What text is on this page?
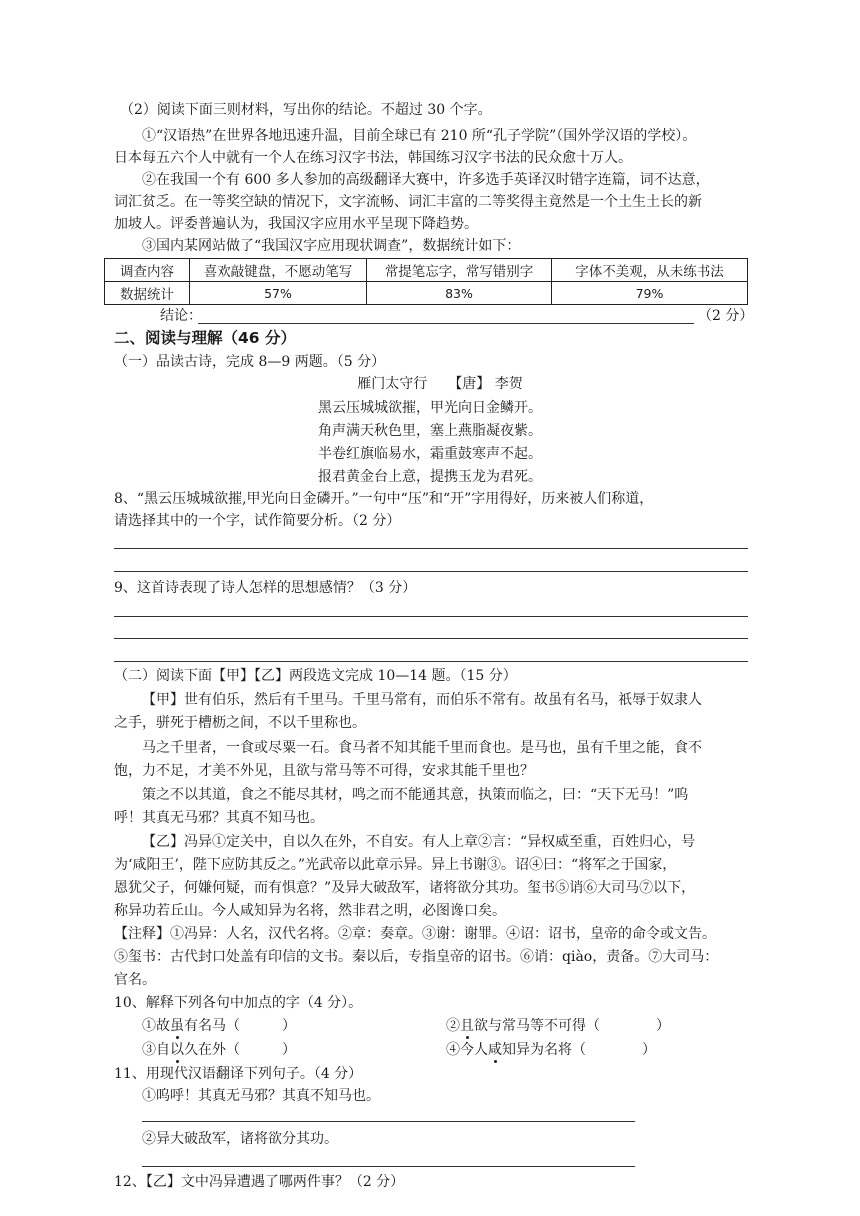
（2）阅读下面三则材料，写出你的结论。不超过 30 个字。
①“汉语热”在世界各地迅速升温，目前全球已有 210 所“孔子学院”（国外学汉语的学校）。
日本每五六个人中就有一个人在练习汉字书法，韩国练习汉字书法的民众愈十万人。
②在我国一个有 600 多人参加的高级翻译大赛中，许多选手英译汉时错字连篇，词不达意，
词汇贫乏。在一等奖空缺的情况下，文字流畅、词汇丰富的二等奖得主竟然是一个土生土长的新
加坡人。评委普遍认为，我国汉字应用水平呈现下降趋势。
③国内某网站做了“我国汉字应用现状调查”，数据统计如下：
调查内容	喜欢敲键盘，不愿动笔写	常提笔忘字，常写错别字	字体不美观，从未练书法
数据统计	57%	83%	79%
结论：	（2 分）
二、阅读与理解（46 分）
（一）品读古诗，完成 8—9 两题。（5 分）
雁门太守行　　【唐】 李贺
黑云压城城欲摧，甲光向日金鳞开。
角声满天秋色里，塞上燕脂凝夜紫。
半卷红旗临易水，霜重鼓寒声不起。
报君黄金台上意，提携玉龙为君死。
8、“黑云压城城欲摧,甲光向日金磷开。”一句中“压”和“开”字用得好，历来被人们称道，
请选择其中的一个字，试作简要分析。（2 分）
9、这首诗表现了诗人怎样的思想感情？（3 分）
（二）阅读下面【甲】【乙】两段选文完成 10—14 题。（15 分）
【甲】世有伯乐，然后有千里马。千里马常有，而伯乐不常有。故虽有名马，祇辱于奴隶人
之手，骈死于槽枥之间，不以千里称也。
马之千里者，一食或尽粟一石。食马者不知其能千里而食也。是马也，虽有千里之能，食不
饱，力不足，才美不外见，且欲与常马等不可得，安求其能千里也？
策之不以其道，食之不能尽其材，鸣之而不能通其意，执策而临之，曰：“天下无马！”呜
呼！其真无马邪？其真不知马也。
【乙】冯异①定关中，自以久在外，不自安。有人上章②言：“异权威至重，百姓归心，号
为‘咸阳王’，陛下应防其反之。”光武帝以此章示异。异上书谢③。诏④曰：“将军之于国家，
恩犹父子，何嫌何疑，而有惧意？”及异大破敌军，诸将欲分其功。玺书⑤诮⑥大司马⑦以下，
称异功若丘山。今人咸知异为名将，然非君之明，必图谗口矣。
【注释】①冯异：人名，汉代名将。②章：奏章。③谢：谢罪。④诏：诏书，皇帝的命令或文告。
⑤玺书：古代封口处盖有印信的文书。秦以后，专指皇帝的诏书。⑥诮：qiào，责备。⑦大司马：
官名。
10、解释下列各句中加点的字（4 分）。
①故虽有名马（　　　）	②且欲与常马等不可得（　　　　）
③自以久在外（　　　）	④今人咸知异为名将（　　　　）
11、用现代汉语翻译下列句子。（4 分）
①呜呼！其真无马邪？其真不知马也。
②异大破敌军，诸将欲分其功。
12、【乙】文中冯异遭遇了哪两件事？（2 分）
